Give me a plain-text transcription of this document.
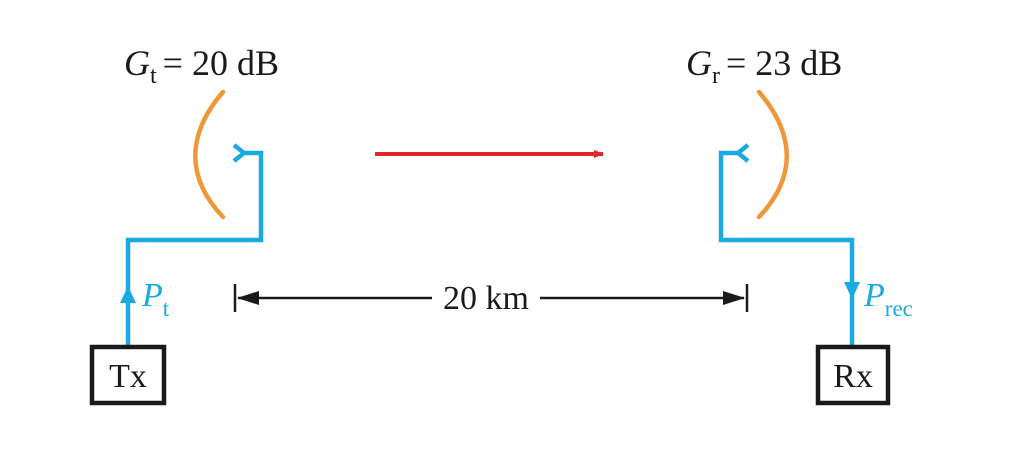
$G_t = 20$ dB
$P_t$
Tx
20 km
$G_r = 23$ dB
$P_{rec}$
Rx
